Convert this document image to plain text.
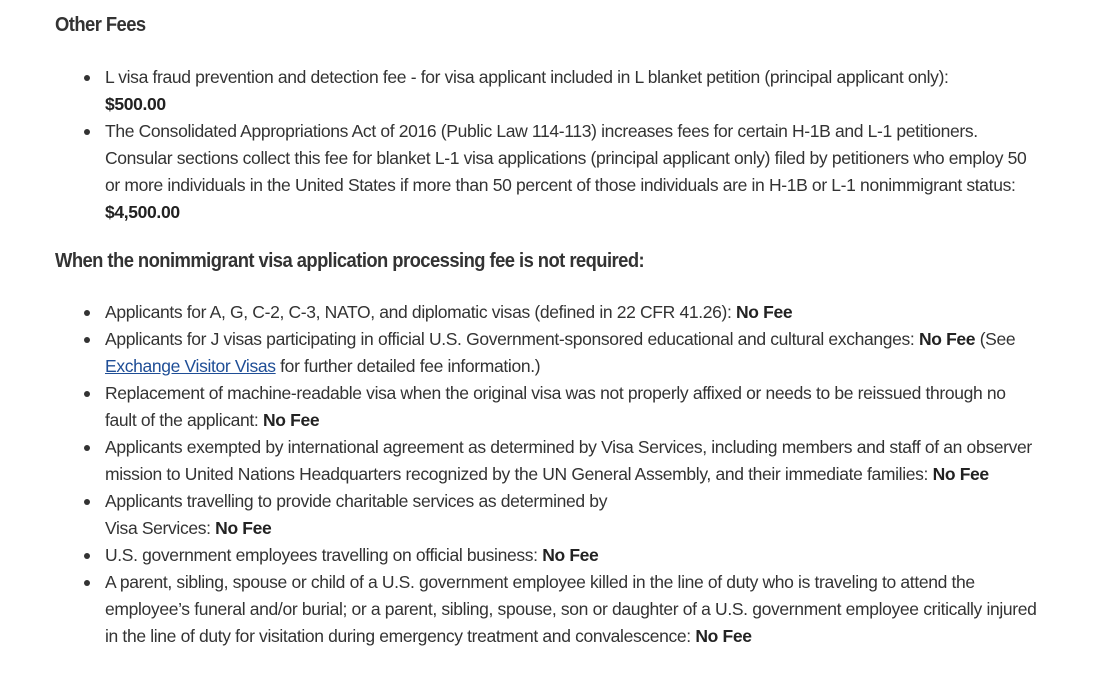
Other Fees
L visa fraud prevention and detection fee - for visa applicant included in L blanket petition (principal applicant only):
$500.00
The Consolidated Appropriations Act of 2016 (Public Law 114-113) increases fees for certain H-1B and L-1 petitioners. Consular sections collect this fee for blanket L-1 visa applications (principal applicant only) filed by petitioners who employ 50 or more individuals in the United States if more than 50 percent of those individuals are in H-1B or L-1 nonimmigrant status: $4,500.00
When the nonimmigrant visa application processing fee is not required:
Applicants for A, G, C-2, C-3, NATO, and diplomatic visas (defined in 22 CFR 41.26): No Fee
Applicants for J visas participating in official U.S. Government-sponsored educational and cultural exchanges: No Fee (See Exchange Visitor Visas for further detailed fee information.)
Replacement of machine-readable visa when the original visa was not properly affixed or needs to be reissued through no fault of the applicant: No Fee
Applicants exempted by international agreement as determined by Visa Services, including members and staff of an observer mission to United Nations Headquarters recognized by the UN General Assembly, and their immediate families: No Fee
Applicants travelling to provide charitable services as determined by
Visa Services: No Fee
U.S. government employees travelling on official business: No Fee
A parent, sibling, spouse or child of a U.S. government employee killed in the line of duty who is traveling to attend the employee’s funeral and/or burial; or a parent, sibling, spouse, son or daughter of a U.S. government employee critically injured in the line of duty for visitation during emergency treatment and convalescence: No Fee
